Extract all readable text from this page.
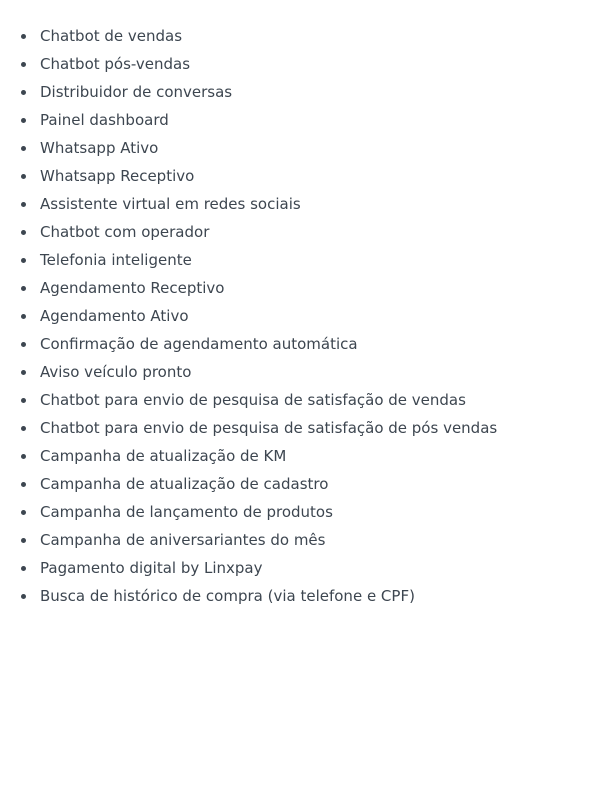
Chatbot de vendas
Chatbot pós-vendas
Distribuidor de conversas
Painel dashboard
Whatsapp Ativo
Whatsapp Receptivo
Assistente virtual em redes sociais
Chatbot com operador
Telefonia inteligente
Agendamento Receptivo
Agendamento Ativo
Confirmação de agendamento automática
Aviso veículo pronto
Chatbot para envio de pesquisa de satisfação de vendas
Chatbot para envio de pesquisa de satisfação de pós vendas
Campanha de atualização de KM
Campanha de atualização de cadastro
Campanha de lançamento de produtos
Campanha de aniversariantes do mês
Pagamento digital by Linxpay
Busca de histórico de compra (via telefone e CPF)
